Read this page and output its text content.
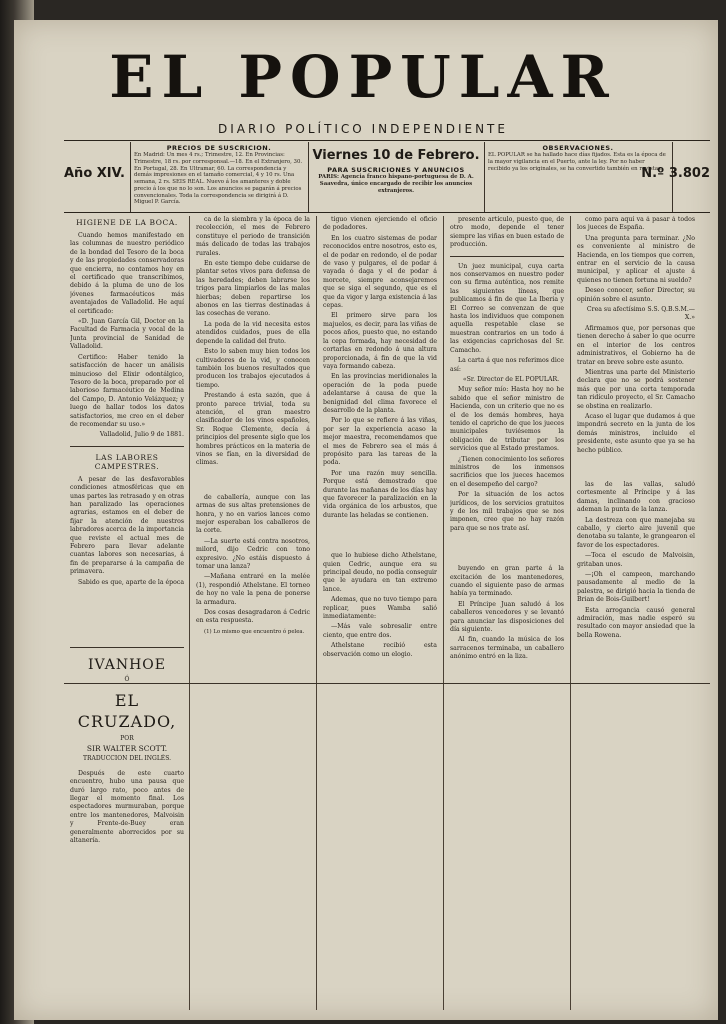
EL POPULAR
DIARIO POLÍTICO INDEPENDIENTE
Año XIV.
PRECIOS DE SUSCRICION.
En Madrid: Un mes 4 rs.; Trimestre, 12. En Provincias: Trimestre, 18 rs. por corresponsal.—18. En el Extranjero, 30. En Portugal, 28. En Ultramar, 60. La correspondencia y demás impresiones en el tamaño comercial, 4 y 10 rs. Una semana, 2 rs. SEIS REAL. Nuevo á los amanteres y doble precio á los que no lo son. Los anuncios se pagarán á precios convencionales. Toda la correspondencia se dirigirá á D. Miguel P. García.
Viernes 10 de Febrero.
PARA SUSCRICIONES Y ANUNCIOS
PARIS: Agencia franco hispano-portuguesa de D. A. Saavedra, único encargado de recibir los anuncios extranjeros.
OBSERVACIONES.
EL POPULAR se ha hallado hace días fijados. Esta es la época de la mayor vigilancia en el Puerto, ante la ley. Por no haber recibido ya los originales, se ha convertido también en revistas.
N.º 3.802
HIGIENE DE LA BOCA.

Cuando hemos manifestado en las columnas de nuestro periódico de la bondad del Tesoro de la boca y de las propiedades conservadoras que encierra, no contamos hoy en el certificado que transcribimos, debido á la pluma de uno de los jóvenes farmacéuticos más aventajados de Valladolid. He aquí el certificado:

«D. Juan García Gil, Doctor en la Facultad de Farmacia y vocal de la Junta provincial de Sanidad de Valladolid.

Certifico: Haber tenido la satisfacción de hacer un análisis minucioso del Elixir odontálgico, Tesoro de la boca, preparado por el laborioso farmacéutico de Medina del Campo, D. Antonio Velázquez; y luego de hallar todos los datos satisfactorios, me creo en el deber de recomendar su uso.»

Valladolid, Julio 9 de 1881.

LAS LABORES CAMPESTRES.

A pesar de las desfavorables condiciones atmosféricas que en unas partes las retrasado y en otras han paralizado las operaciones agrarias, estamos en el deber de fijar la atención de nuestros labradores acerca de la importancia que reviste el actual mes de Febrero para llevar adelante cuantas labores son necesarias, á fin de prepararse á la campaña de primavera.

Sabido es que, aparte de la época

IVANHOE
Ó
EL CRUZADO,
POR
SIR WALTER SCOTT.
TRADUCCION DEL INGLÉS.

Después de este cuarto encuentro, hubo una pausa que duró largo rato, poco antes de llegar el momento final. Los espectadores murmuraban, porque entre los mantenedores, Malvoisin y Frente-de-Buey eran generalmente aborrecidos por su altanería.

ca de la siembra y la época de la recolección, el mes de Febrero constituye el periodo de transición más delicado de todas las trabajos rurales.

En este tiempo debe cuidarse de plantar setos vivos para defensa de las heredades; deben labrarse los trigos para limpiarlos de las malas hierbas; deben repartirse los abonos en las tierras destinadas á las cosechas de verano.

La poda de la vid necesita estos atendidos cuidados, pues de ella depende la calidad del fruto.

Esto lo saben muy bien todos los cultivadores de la vid, y conocen también los buenos resultados que producen los trabajos ejecutados á tiempo.

Prestando á esta sazón, que á pronto parece trivial, toda su atención, el gran maestro clasificador de los vinos españoles, Sr. Roque Clemente, decía á principios del presente siglo que los hombres prácticos en la materia de vinos se fían, en la diversidad de climas.

de caballería, aunque con las armas de sus altas pretensiones de honra, y no en varios lances como mejor esperaban los caballeros de la corte.

—La suerte está contra nosotros, milord, dijo Cedric con tono expresivo. ¿No estáis dispuesto á tomar una lanza?

—Mañana entraré en la melée (1), respondió Athelstane. El torneo de hoy no vale la pena de ponerse la armadura.

Dos cosas desagradaron á Cedric en esta respuesta.

(1) Lo mismo que encuentro ó pelea.

tiguo vienen ejerciendo el oficio de podadores.

En los cuatro sistemas de podar reconocidos entre nosotros, esto es, el de podar en redondo, el de podar de vaso y pulgares, el de podar á vayada ó daga y el de podar á morcete, siempre aconsejaremos que se siga el segundo, que es el que da vigor y larga existencia á las cepas.

El primero sirve para los majuelos, es decir, para las viñas de pocos años, puesto que, no estando la cepa formada, hay necesidad de cortarlas en redondo á una altura proporcionada, á fin de que la vid vaya formando cabeza.

En las provincias meridionales la operación de la poda puede adelantarse á causa de que la benignidad del clima favorece el desarrollo de la planta.

Por lo que se refiere á las viñas, por ser la experiencia acaso la mejor maestra, recomendamos que el mes de Febrero sea el más á propósito para las tareas de la poda.

Por una razón muy sencilla. Porque está demostrado que durante las mañanas de los días hay que favorecer la paralización en la vida orgánica de los arbustos, que durante las heladas se contienen.

que lo hubiese dicho Athelstane, quien Cedric, aunque era su principal deudo, no podía conseguir que le ayudara en tan extremo lance.

Ademas, que no tuvo tiempo para replicar, pues Wamba salió inmediatamente:

—Más vale sobresalir entre ciento, que entre dos.

Athelstane recibió esta observación como un elogio.

presente artículo, puesto que, de otro modo, depende el tener siempre las viñas en buen estado de producción.

Un juez municipal, cuya carta nos conservamos en nuestro poder con su firma auténtica, nos remite las siguientes líneas, que publicamos á fin de que La Iberia y El Correo se convenzan de que hasta los individuos que componen aquella respetable clase se muestran contrarios en un todo á las exigencias caprichosas del Sr. Camacho.

La carta á que nos referimos dice así:

«Sr. Director de EL POPULAR.

Muy señor mío: Hasta hoy no he sabido que el señor ministro de Hacienda, con un criterio que no es el de los demás hombres, haya tenido el capricho de que los jueces municipales tuviésemos la obligación de tributar por los servicios que al Estado prestamos.

¿Tienen conocimiento los señores ministros de los inmensos sacrificios que los jueces hacemos en el desempeño del cargo?

Por la situación de los actos jurídicos, de los servicios gratuitos y de los mil trabajos que se nos imponen, creo que no hay razón para que se nos trate así.

buyendo en gran parte á la excitación de los mantenedores, cuando el siguiente paso de armas había ya terminado.

El Príncipe Juan saludó á los caballeros vencedores y se levantó para anunciar las disposiciones del día siguiente.

Al fin, cuando la música de los sarracenos terminaba, un caballero anónimo entró en la liza.

como para aquí va á pasar á todos los jueces de España.

Una pregunta para terminar. ¿No es conveniente al ministro de Hacienda, en los tiempos que corren, entrar en el servicio de la causa municipal, y aplicar el ajuste á quienes no tienen fortuna ni sueldo?

Deseo conocer, señor Director, su opinión sobre el asunto.

Crea su afectísimo S.S. Q.B.S.M.—X.»

Afirmamos que, por personas que tienen derecho á saber lo que ocurre en el interior de los centros administrativos, el Gobierno ha de tratar en breve sobre este asunto.

Mientras una parte del Ministerio declara que no se podrá sostener más que por una corta temporada tan ridículo proyecto, el Sr. Camacho se obstina en realizarlo.

Acaso el lugar que dudamos á que impondrá secreto en la junta de los demás ministros, incluido el presidente, este asunto que ya se ha hecho público.

las de las vallas, saludó cortesmente al Príncipe y á las damas, inclinando con gracioso ademan la punta de la lanza.

La destreza con que manejaba su caballo, y cierto aire juvenil que denotaba su talante, le grangearon el favor de los espectadores.

—Toca el escudo de Malvoisin, gritaban unos.

—¡Oh el campeon, marchando pausadamente al medio de la palestra, se dirigió hacia la tienda de Brian de Bois-Guilbert!

Esta arrogancia causó general admiración, mas nadie esperó su resultado con mayor ansiedad que la bella Rowena.
